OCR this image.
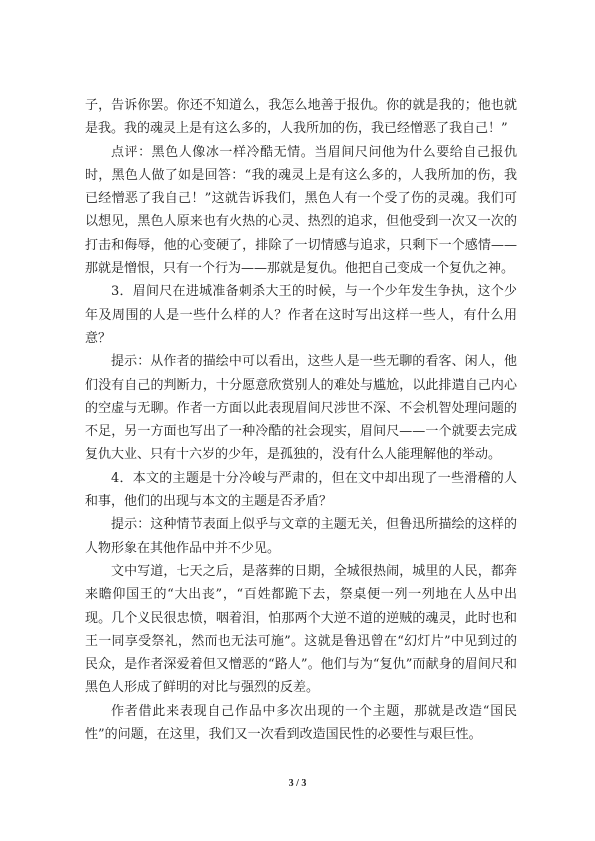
子，告诉你罢。你还不知道么，我怎么地善于报仇。你的就是我的；他也就是我。我的魂灵上是有这么多的，人我所加的伤，我已经憎恶了我自己！”

点评：黑色人像冰一样冷酷无情。当眉间尺问他为什么要给自己报仇时，黑色人做了如是回答：“我的魂灵上是有这么多的，人我所加的伤，我已经憎恶了我自己！”这就告诉我们，黑色人有一个受了伤的灵魂。我们可以想见，黑色人原来也有火热的心灵、热烈的追求，但他受到一次又一次的打击和侮辱，他的心变硬了，排除了一切情感与追求，只剩下一个感情——那就是憎恨，只有一个行为——那就是复仇。他把自己变成一个复仇之神。

3．眉间尺在进城准备刺杀大王的时候，与一个少年发生争执，这个少年及周围的人是一些什么样的人？作者在这时写出这样一些人，有什么用意？

提示：从作者的描绘中可以看出，这些人是一些无聊的看客、闲人，他们没有自己的判断力，十分愿意欣赏别人的难处与尴尬，以此排遣自己内心的空虚与无聊。作者一方面以此表现眉间尺涉世不深、不会机智处理问题的不足，另一方面也写出了一种冷酷的社会现实，眉间尺——一个就要去完成复仇大业、只有十六岁的少年，是孤独的，没有什么人能理解他的举动。

4．本文的主题是十分冷峻与严肃的，但在文中却出现了一些滑稽的人和事，他们的出现与本文的主题是否矛盾？

提示：这种情节表面上似乎与文章的主题无关，但鲁迅所描绘的这样的人物形象在其他作品中并不少见。

文中写道，七天之后，是落葬的日期，全城很热闹，城里的人民，都奔来瞻仰国王的“大出丧”，“百姓都跪下去，祭桌便一列一列地在人丛中出现。几个义民很忠愤，咽着泪，怕那两个大逆不道的逆贼的魂灵，此时也和王一同享受祭礼，然而也无法可施”。这就是鲁迅曾在“幻灯片”中见到过的民众，是作者深爱着但又憎恶的“路人”。他们与为“复仇”而献身的眉间尺和黑色人形成了鲜明的对比与强烈的反差。

作者借此来表现自己作品中多次出现的一个主题，那就是改造“国民性”的问题，在这里，我们又一次看到改造国民性的必要性与艰巨性。

3 / 3
